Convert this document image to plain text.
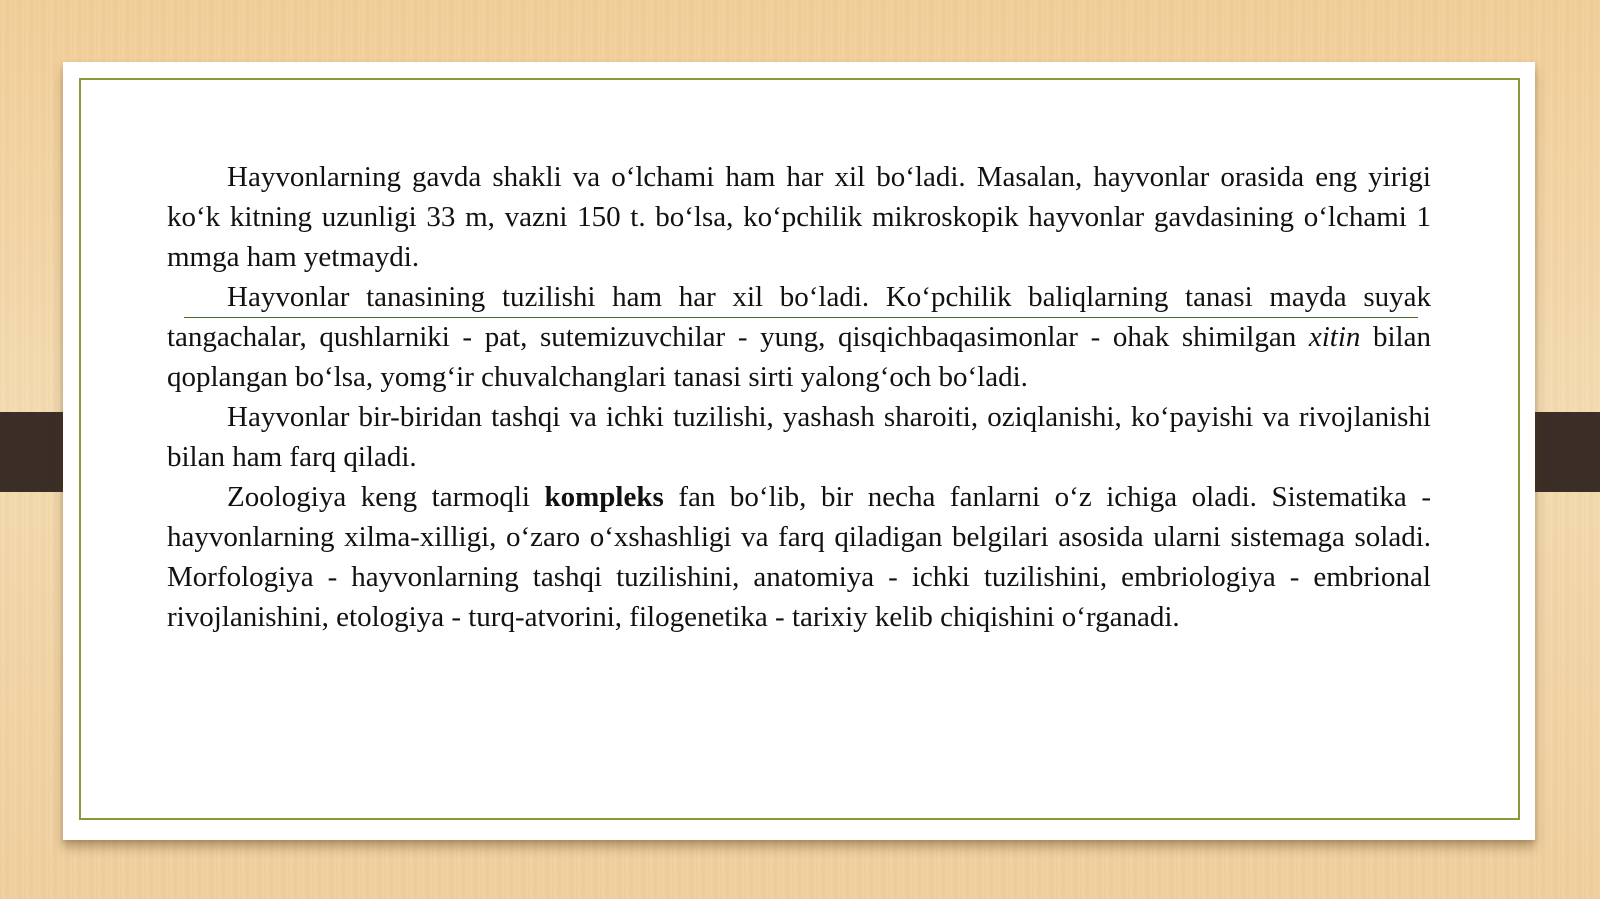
Hayvonlarning gavda shakli va o‘lchami ham har xil bo‘ladi. Masalan, hayvonlar orasida eng yirigi ko‘k kitning uzunligi 33 m, vazni 150 t. bo‘lsa, ko‘pchilik mikroskopik hayvonlar gavdasining o‘lchami 1 mmga ham yetmaydi.

Hayvonlar tanasining tuzilishi ham har xil bo‘ladi. Ko‘pchilik baliqlarning tanasi mayda suyak tangachalar, qushlarniki - pat, sutemizuvchilar - yung, qisqichbaqasimonlar - ohak shimilgan xitin bilan qoplangan bo‘lsa, yomg‘ir chuvalchanglari tanasi sirti yalong‘och bo‘ladi.

Hayvonlar bir-biridan tashqi va ichki tuzilishi, yashash sharoiti, oziqlanishi, ko‘payishi va rivojlanishi bilan ham farq qiladi.

Zoologiya keng tarmoqli kompleks fan bo‘lib, bir necha fanlarni o‘z ichiga oladi. Sistematika - hayvonlarning xilma-xilligi, o‘zaro o‘xshashligi va farq qiladigan belgilari asosida ularni sistemaga soladi. Morfologiya - hayvonlarning tashqi tuzilishini, anatomiya - ichki tuzilishini, embriologiya - embrional rivojlanishini, etologiya - turq-atvorini, filogenetika - tarixiy kelib chiqishini o‘rganadi.
